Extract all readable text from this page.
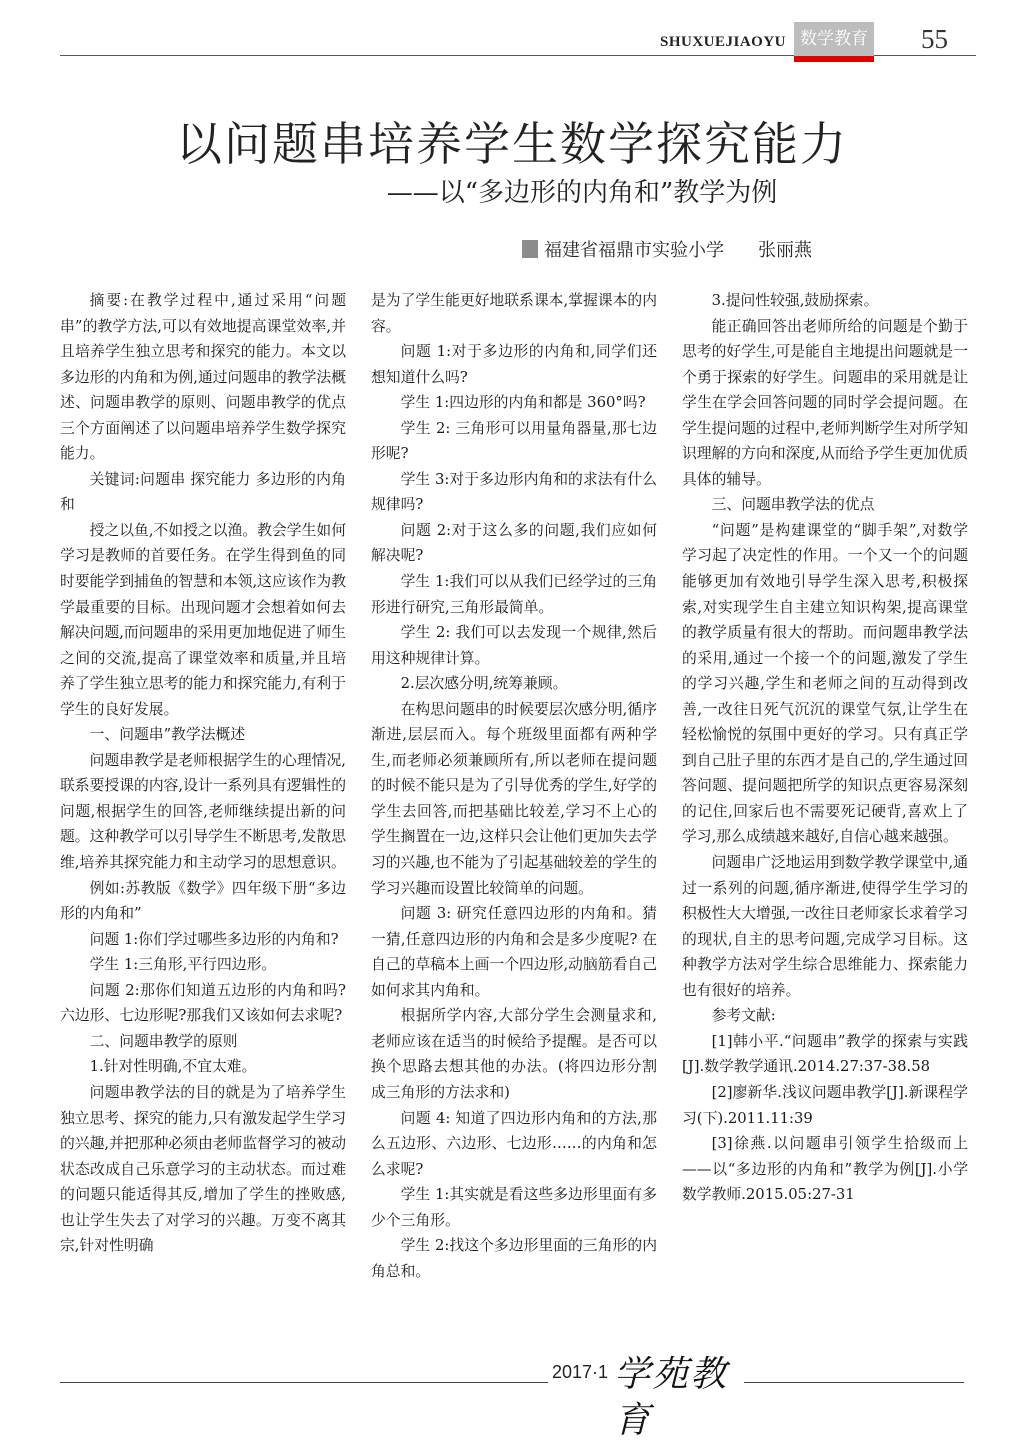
SHUXUEJIAOYU 数学教育 55
以问题串培养学生数学探究能力
——以“多边形的内角和”教学为例
福建省福鼎市实验小学 张丽燕

摘要:在教学过程中,通过采用“问题串”的教学方法,可以有效地提高课堂效率,并且培养学生独立思考和探究的能力。本文以多边形的内角和为例,通过问题串的教学法概述、问题串教学的原则、问题串教学的优点三个方面阐述了以问题串培养学生数学探究能力。

关键词:问题串 探究能力 多边形的内角和

授之以鱼,不如授之以渔。教会学生如何学习是教师的首要任务。在学生得到鱼的同时要能学到捕鱼的智慧和本领,这应该作为教学最重要的目标。出现问题才会想着如何去解决问题,而问题串的采用更加地促进了师生之间的交流,提高了课堂效率和质量,并且培养了学生独立思考的能力和探究能力,有利于学生的良好发展。

一、问题串”教学法概述

问题串教学是老师根据学生的心理情况,联系要授课的内容,设计一系列具有逻辑性的问题,根据学生的回答,老师继续提出新的问题。这种教学可以引导学生不断思考,发散思维,培养其探究能力和主动学习的思想意识。

例如:苏教版《数学》四年级下册“多边形的内角和”

问题 1:你们学过哪些多边形的内角和?

学生 1:三角形,平行四边形。

问题 2:那你们知道五边形的内角和吗?六边形、七边形呢?那我们又该如何去求呢?

二、问题串教学的原则

1.针对性明确,不宜太难。

问题串教学法的目的就是为了培养学生独立思考、探究的能力,只有激发起学生学习的兴趣,并把那种必须由老师监督学习的被动状态改成自己乐意学习的主动状态。而过难的问题只能适得其反,增加了学生的挫败感,也让学生失去了对学习的兴趣。万变不离其宗,针对性明确

是为了学生能更好地联系课本,掌握课本的内容。

问题 1:对于多边形的内角和,同学们还想知道什么吗?

学生 1:四边形的内角和都是 360°吗?

学生 2: 三角形可以用量角器量,那七边形呢?

学生 3:对于多边形内角和的求法有什么规律吗?

问题 2:对于这么多的问题,我们应如何解决呢?

学生 1:我们可以从我们已经学过的三角形进行研究,三角形最简单。

学生 2: 我们可以去发现一个规律,然后用这种规律计算。

2.层次感分明,统筹兼顾。

在构思问题串的时候要层次感分明,循序渐进,层层而入。每个班级里面都有两种学生,而老师必须兼顾所有,所以老师在提问题的时候不能只是为了引导优秀的学生,好学的学生去回答,而把基础比较差,学习不上心的学生搁置在一边,这样只会让他们更加失去学习的兴趣,也不能为了引起基础较差的学生的学习兴趣而设置比较简单的问题。

问题 3: 研究任意四边形的内角和。猜一猜,任意四边形的内角和会是多少度呢? 在自己的草稿本上画一个四边形,动脑筋看自己如何求其内角和。

根据所学内容,大部分学生会测量求和,老师应该在适当的时候给予提醒。是否可以换个思路去想其他的办法。(将四边形分割成三角形的方法求和)

问题 4: 知道了四边形内角和的方法,那么五边形、六边形、七边形……的内角和怎么求呢?

学生 1:其实就是看这些多边形里面有多少个三角形。

学生 2:找这个多边形里面的三角形的内角总和。

3.提问性较强,鼓励探索。

能正确回答出老师所给的问题是个勤于思考的好学生,可是能自主地提出问题就是一个勇于探索的好学生。问题串的采用就是让学生在学会回答问题的同时学会提问题。在学生提问题的过程中,老师判断学生对所学知识理解的方向和深度,从而给予学生更加优质具体的辅导。

三、问题串教学法的优点

“问题”是构建课堂的“脚手架”,对数学学习起了决定性的作用。一个又一个的问题能够更加有效地引导学生深入思考,积极探索,对实现学生自主建立知识构架,提高课堂的教学质量有很大的帮助。而问题串教学法的采用,通过一个接一个的问题,激发了学生的学习兴趣,学生和老师之间的互动得到改善,一改往日死气沉沉的课堂气氛,让学生在轻松愉悦的氛围中更好的学习。只有真正学到自己肚子里的东西才是自己的,学生通过回答问题、提问题把所学的知识点更容易深刻的记住,回家后也不需要死记硬背,喜欢上了学习,那么成绩越来越好,自信心越来越强。

问题串广泛地运用到数学教学课堂中,通过一系列的问题,循序渐进,使得学生学习的积极性大大增强,一改往日老师家长求着学习的现状,自主的思考问题,完成学习目标。这种教学方法对学生综合思维能力、探索能力也有很好的培养。

参考文献:

[1]韩小平.“问题串”教学的探索与实践[J].数学教学通讯.2014.27:37-38.58

[2]廖新华.浅议问题串教学[J].新课程学习(下).2011.11:39

[3]徐燕.以问题串引领学生拾级而上——以“多边形的内角和”教学为例[J].小学数学教师.2015.05:27-31

2017·1 学苑教育
